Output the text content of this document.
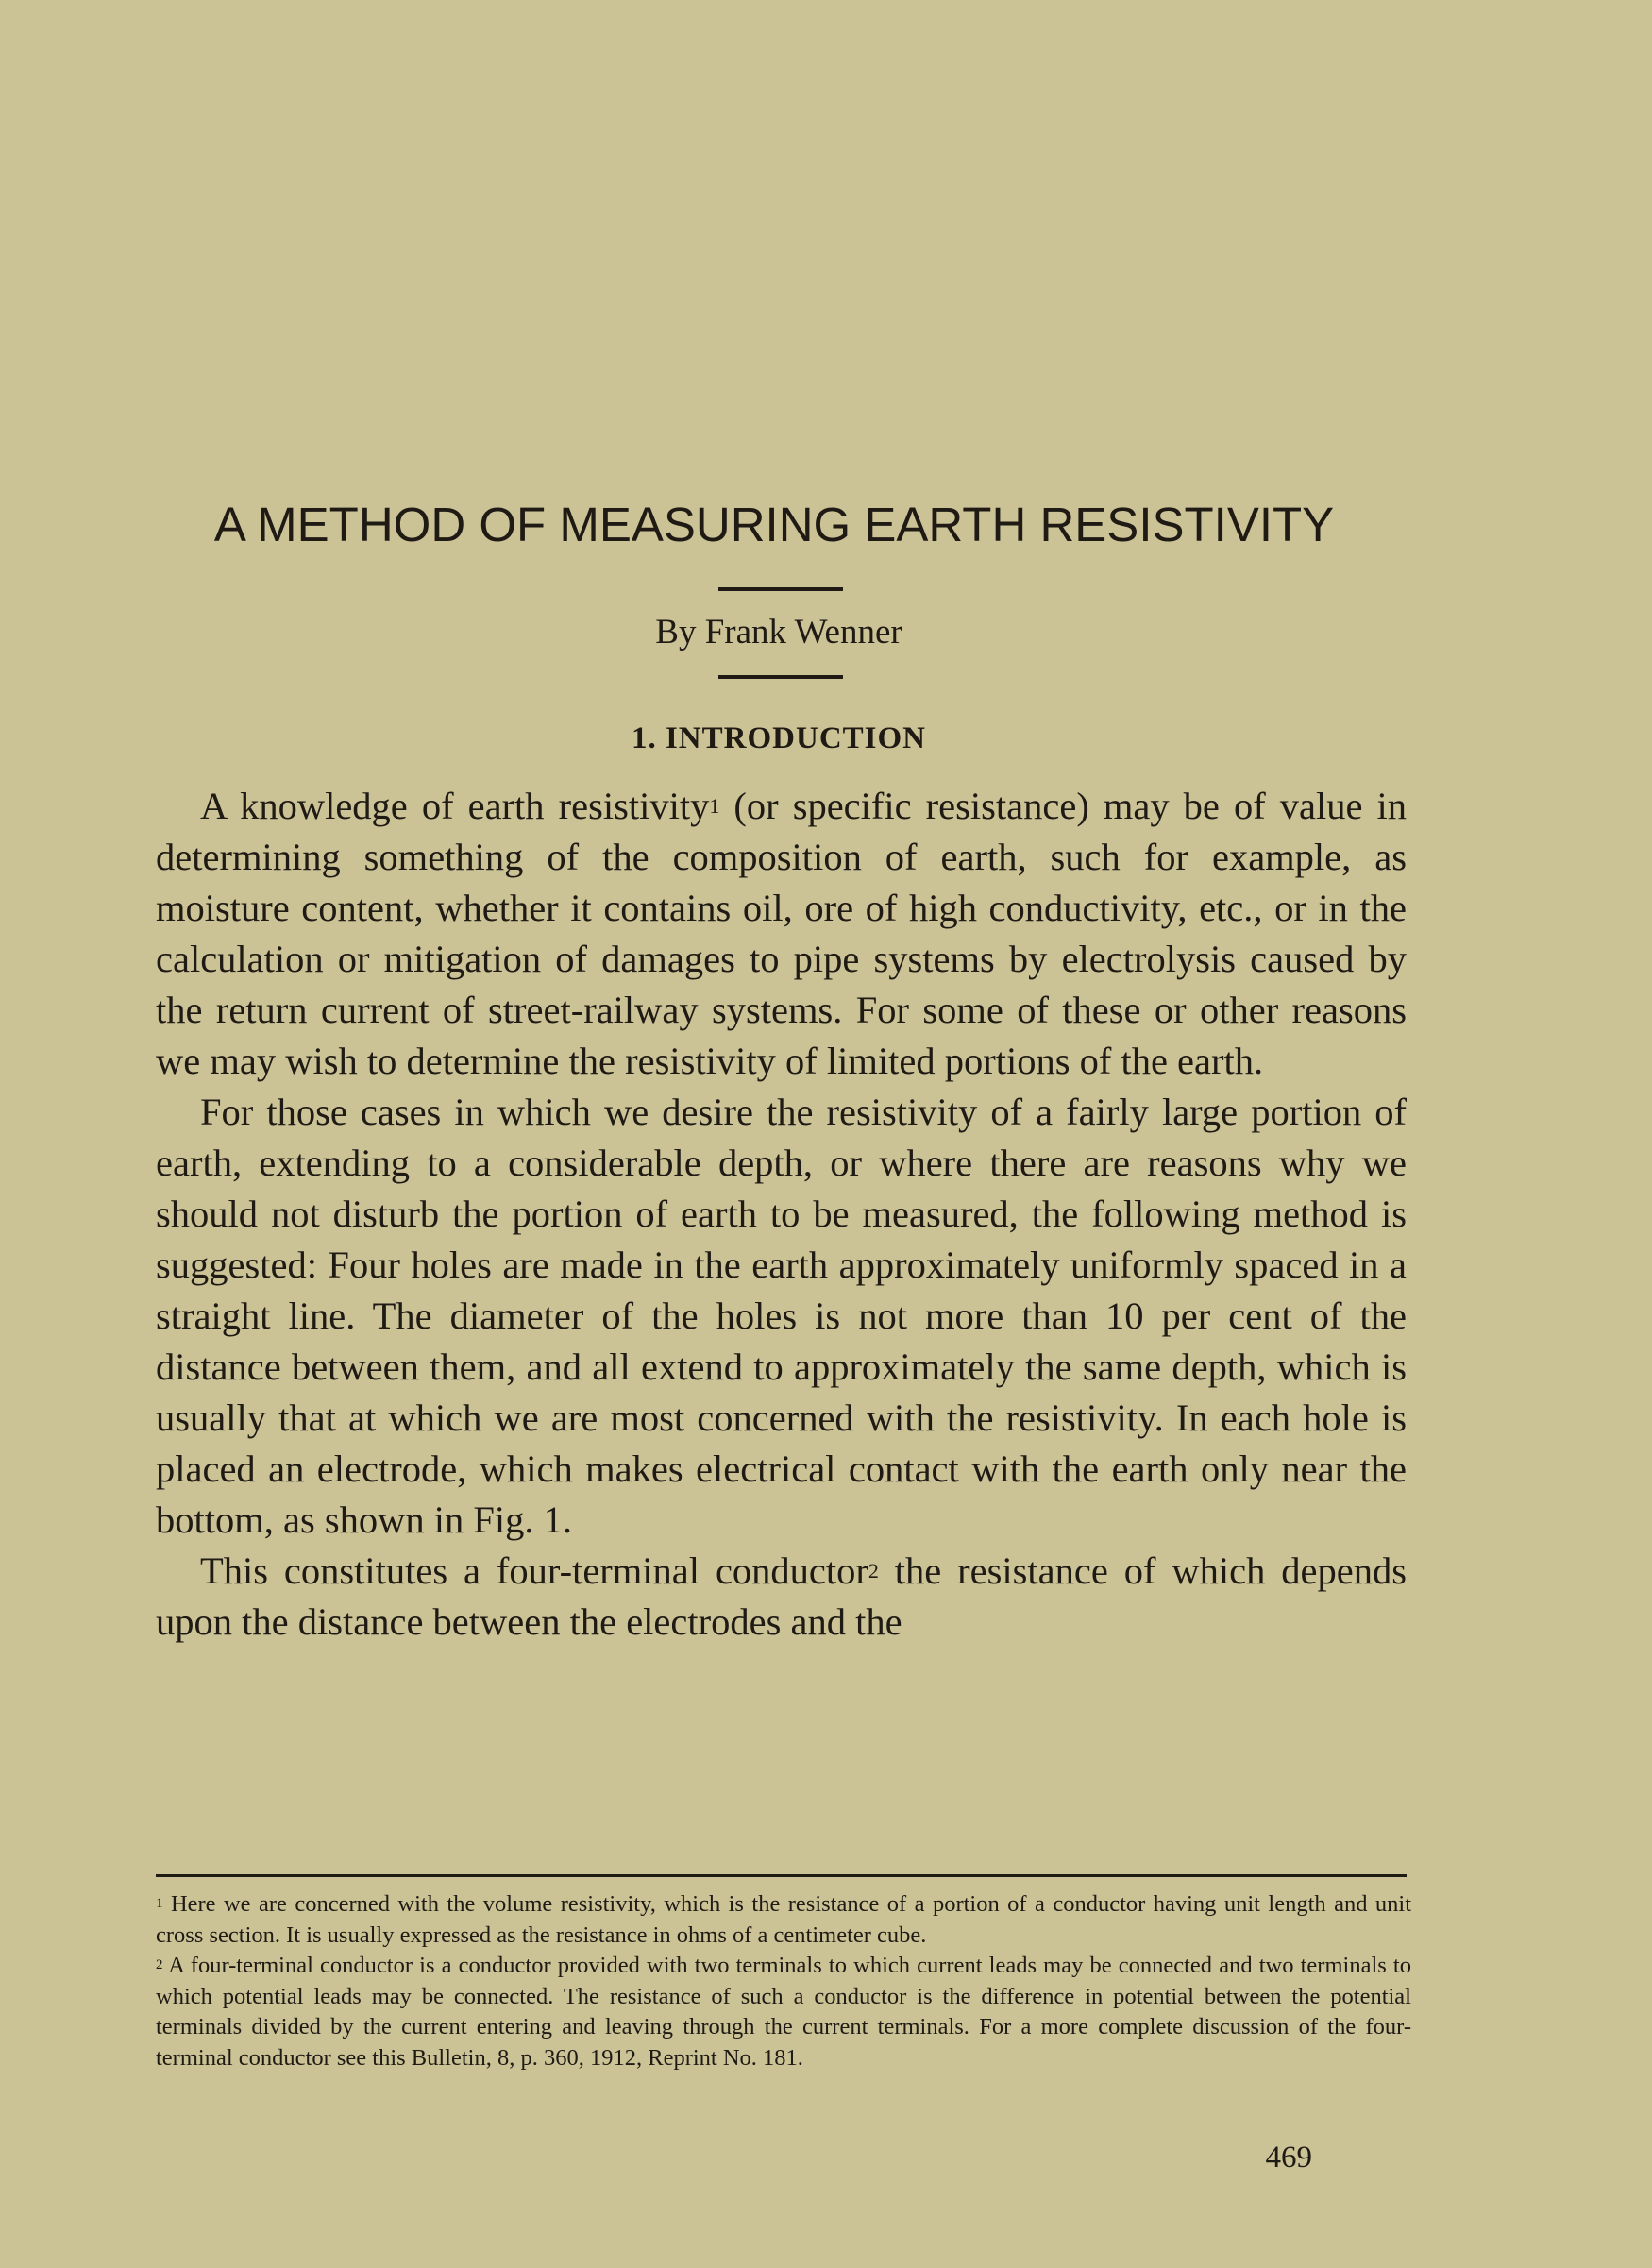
A METHOD OF MEASURING EARTH RESISTIVITY

By Frank Wenner

1. INTRODUCTION

A knowledge of earth resistivity$^1$ (or specific resistance) may be of value in determining something of the composition of earth, such for example, as moisture content, whether it contains oil, ore of high conductivity, etc., or in the calculation or mitigation of damages to pipe systems by electrolysis caused by the return current of street-railway systems. For some of these or other reasons we may wish to determine the resistivity of limited portions of the earth.

For those cases in which we desire the resistivity of a fairly large portion of earth, extending to a considerable depth, or where there are reasons why we should not disturb the portion of earth to be measured, the following method is suggested: Four holes are made in the earth approximately uniformly spaced in a straight line. The diameter of the holes is not more than 10 per cent of the distance between them, and all extend to approximately the same depth, which is usually that at which we are most concerned with the resistivity. In each hole is placed an electrode, which makes electrical contact with the earth only near the bottom, as shown in Fig. 1.

This constitutes a four-terminal conductor$^2$ the resistance of which depends upon the distance between the electrodes and the

$^1$ Here we are concerned with the volume resistivity, which is the resistance of a portion of a conductor having unit length and unit cross section. It is usually expressed as the resistance in ohms of a centimeter cube.

$^2$ A four-terminal conductor is a conductor provided with two terminals to which current leads may be connected and two terminals to which potential leads may be connected. The resistance of such a conductor is the difference in potential between the potential terminals divided by the current entering and leaving through the current terminals. For a more complete discussion of the four-terminal conductor see this Bulletin, 8, p. 360, 1912, Reprint No. 181.

469
